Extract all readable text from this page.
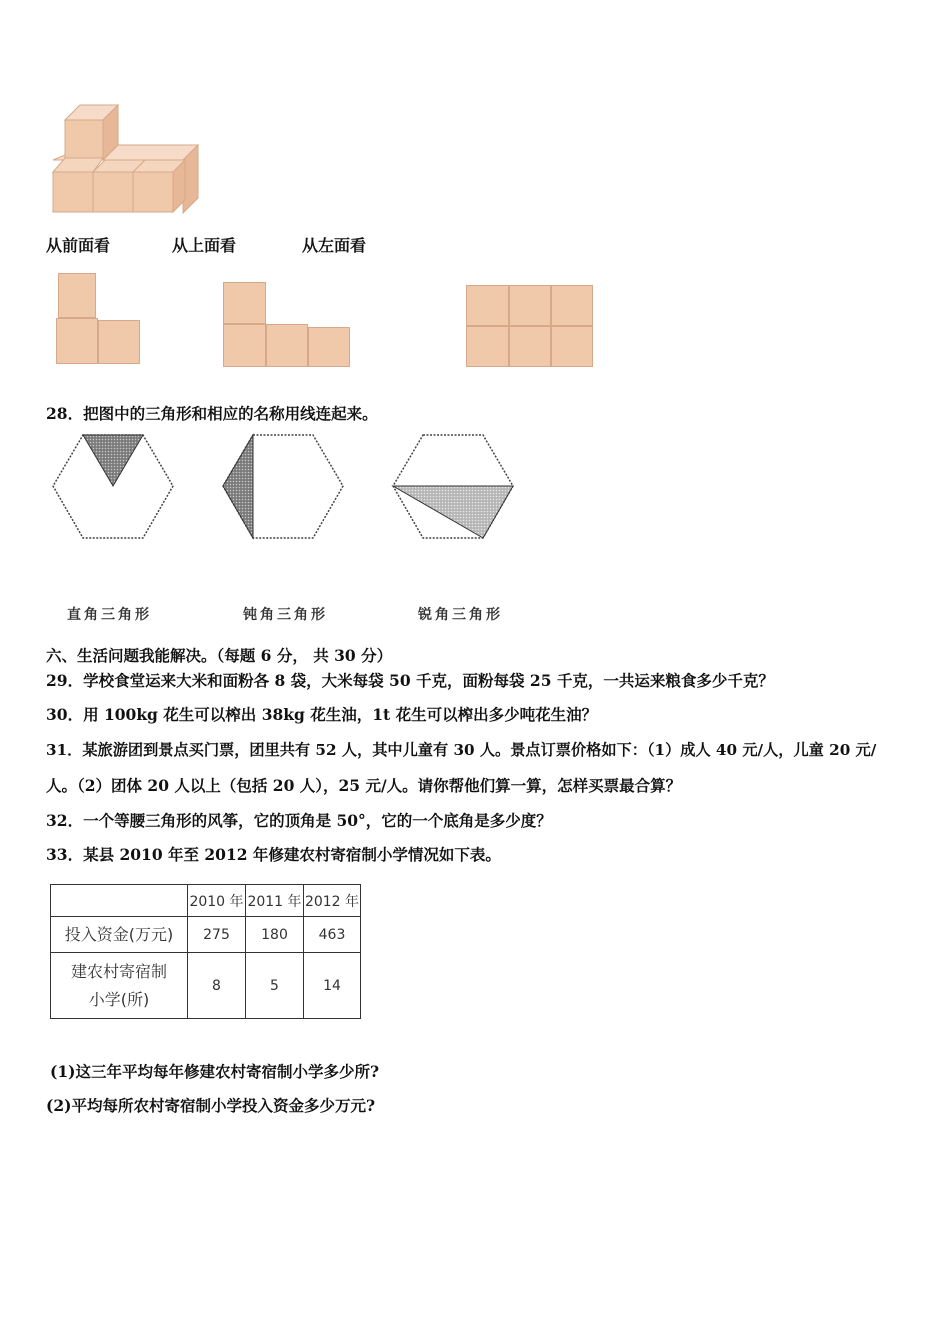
从前面看	从上面看	从左面看
28．把图中的三角形和相应的名称用线连起来。
直角三角形	钝角三角形	锐角三角形
六、生活问题我能解决。（每题 6 分， 共 30 分）
29．学校食堂运来大米和面粉各 8 袋，大米每袋 50 千克，面粉每袋 25 千克，一共运来粮食多少千克？
30．用 100kg 花生可以榨出 38kg 花生油，1t 花生可以榨出多少吨花生油？
31．某旅游团到景点买门票，团里共有 52 人，其中儿童有 30 人。景点订票价格如下：（1）成人 40 元/人，儿童 20 元/
人。（2）团体 20 人以上（包括 20 人），25 元/人。请你帮他们算一算，怎样买票最合算？
32．一个等腰三角形的风筝，它的顶角是 50°，它的一个底角是多少度？
33．某县 2010 年至 2012 年修建农村寄宿制小学情况如下表。
	2010 年	2011 年	2012 年
投入资金(万元)	275	180	463

建农村寄宿制
小学(所)	8	5	14
(1)这三年平均每年修建农村寄宿制小学多少所?
(2)平均每所农村寄宿制小学投入资金多少万元?
